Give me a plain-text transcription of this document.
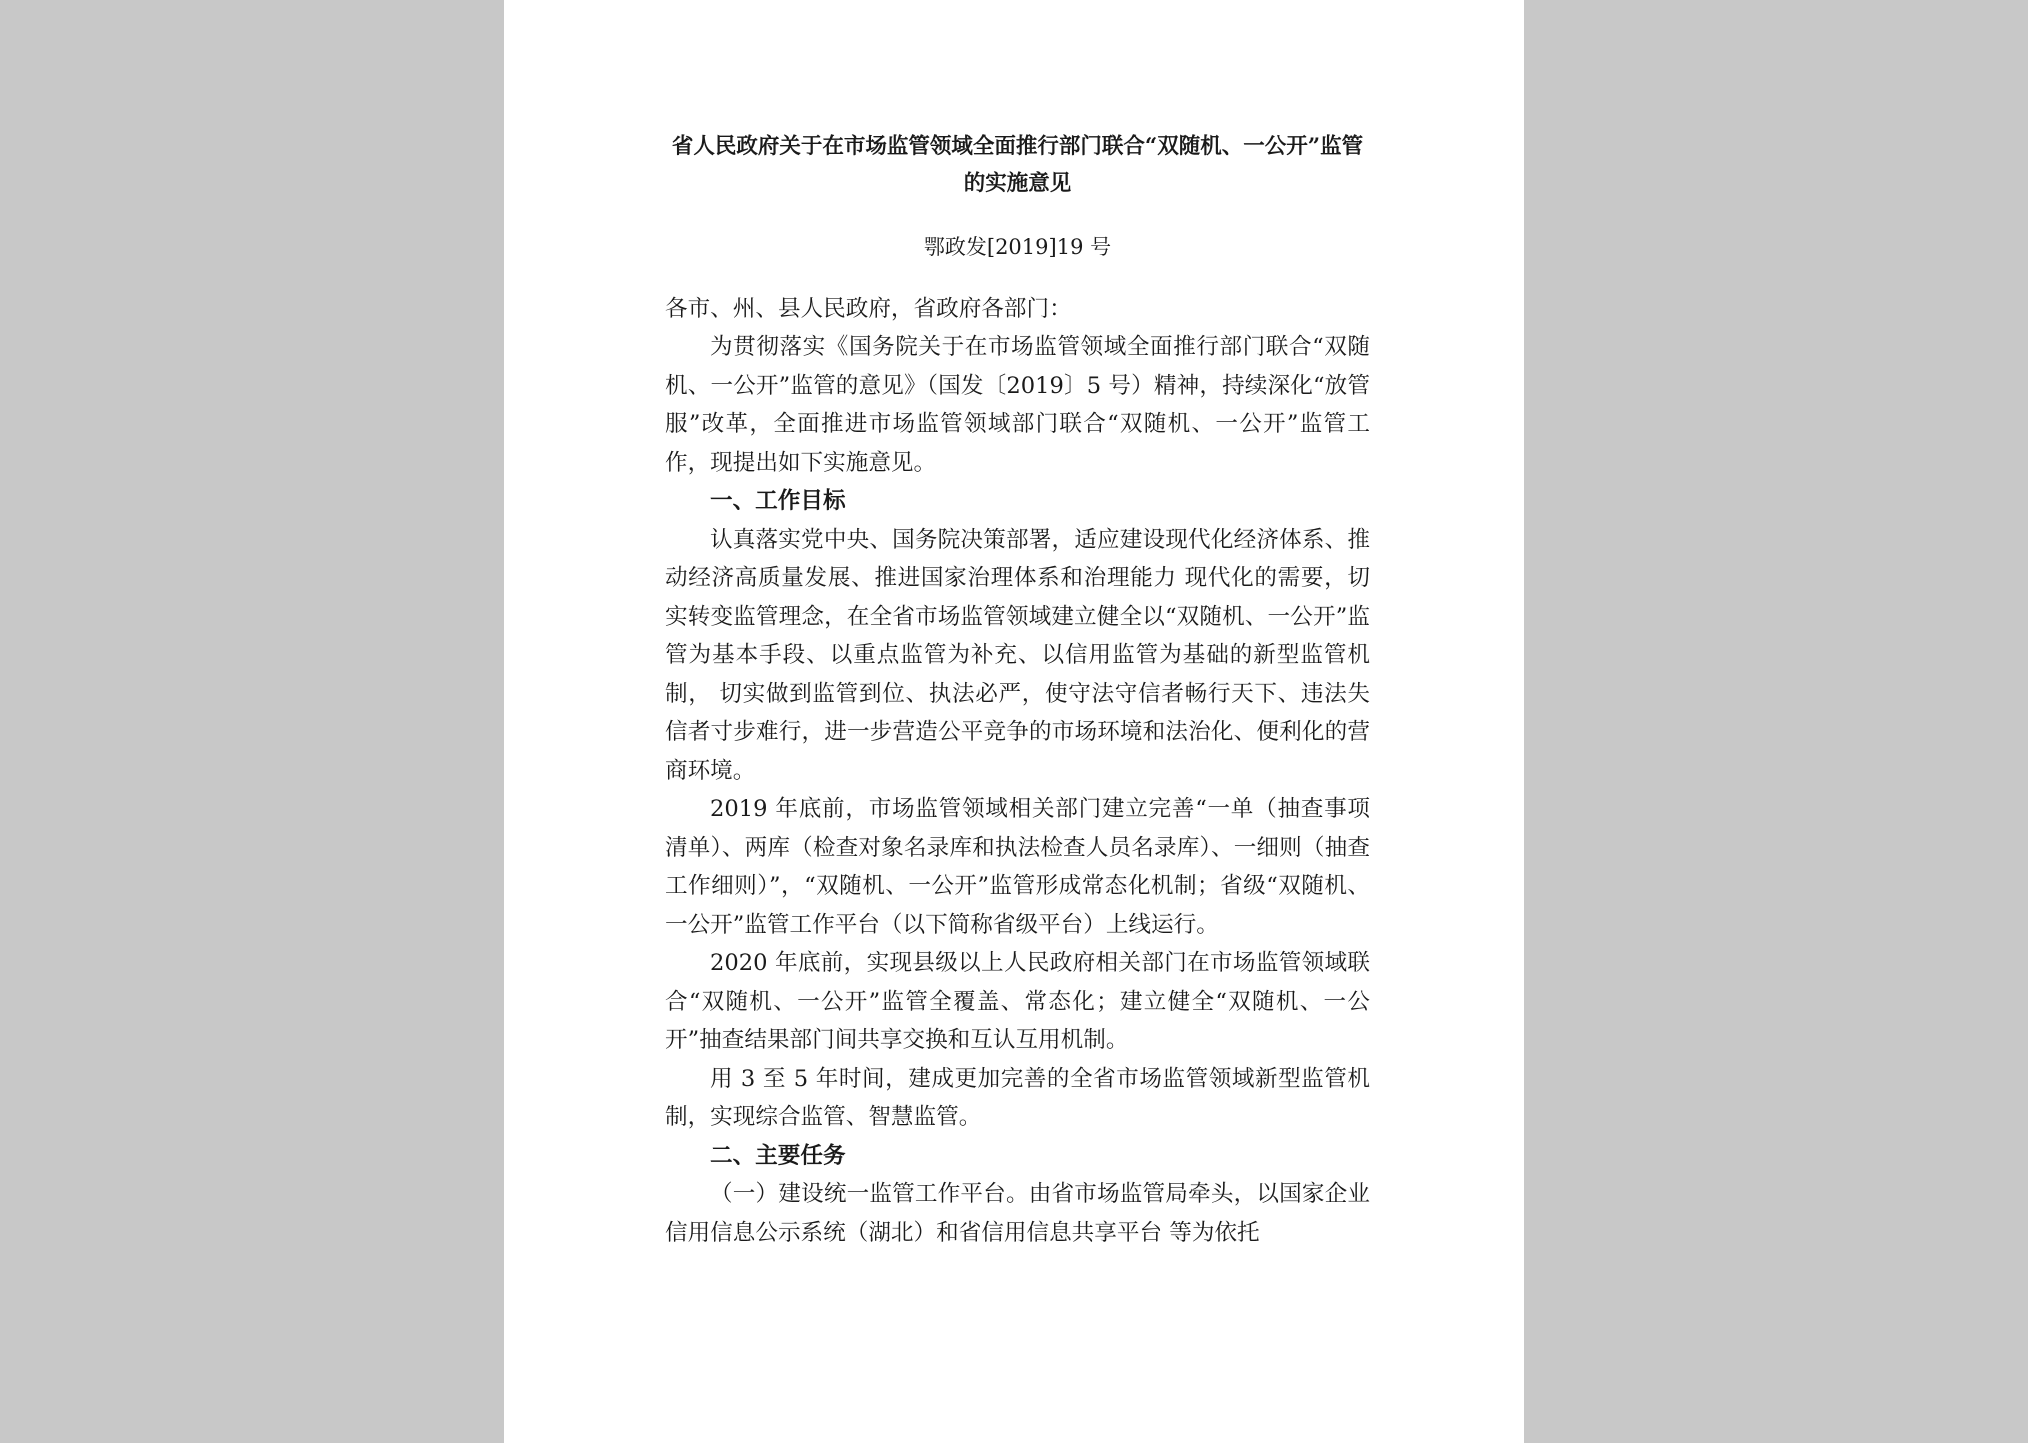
省人民政府关于在市场监管领域全面推行部门联合“双随机、一公开”监管的实施意见

鄂政发[2019]19 号

各市、州、县人民政府，省政府各部门：

为贯彻落实《国务院关于在市场监管领域全面推行部门联合“双随机、一公开”监管的意见》（国发〔2019〕5 号）精神，持续深化“放管服”改革，全面推进市场监管领域部门联合“双随机、一公开”监管工作，现提出如下实施意见。

一、工作目标

认真落实党中央、国务院决策部署，适应建设现代化经济体系、推动经济高质量发展、推进国家治理体系和治理能力 现代化的需要，切实转变监管理念，在全省市场监管领域建立健全以“双随机、一公开”监管为基本手段、以重点监管为补充、以信用监管为基础的新型监管机制， 切实做到监管到位、执法必严，使守法守信者畅行天下、违法失信者寸步难行，进一步营造公平竞争的市场环境和法治化、便利化的营商环境。

2019 年底前，市场监管领域相关部门建立完善“一单（抽查事项清单）、两库（检查对象名录库和执法检查人员名录库）、一细则（抽查工作细则）”，“双随机、一公开”监管形成常态化机制；省级“双随机、一公开”监管工作平台（以下简称省级平台）上线运行。

2020 年底前，实现县级以上人民政府相关部门在市场监管领域联合“双随机、一公开”监管全覆盖、常态化；建立健全“双随机、一公开”抽查结果部门间共享交换和互认互用机制。

用 3 至 5 年时间，建成更加完善的全省市场监管领域新型监管机制，实现综合监管、智慧监管。

二、主要任务

（一）建设统一监管工作平台。由省市场监管局牵头，以国家企业信用信息公示系统（湖北）和省信用信息共享平台 等为依托
